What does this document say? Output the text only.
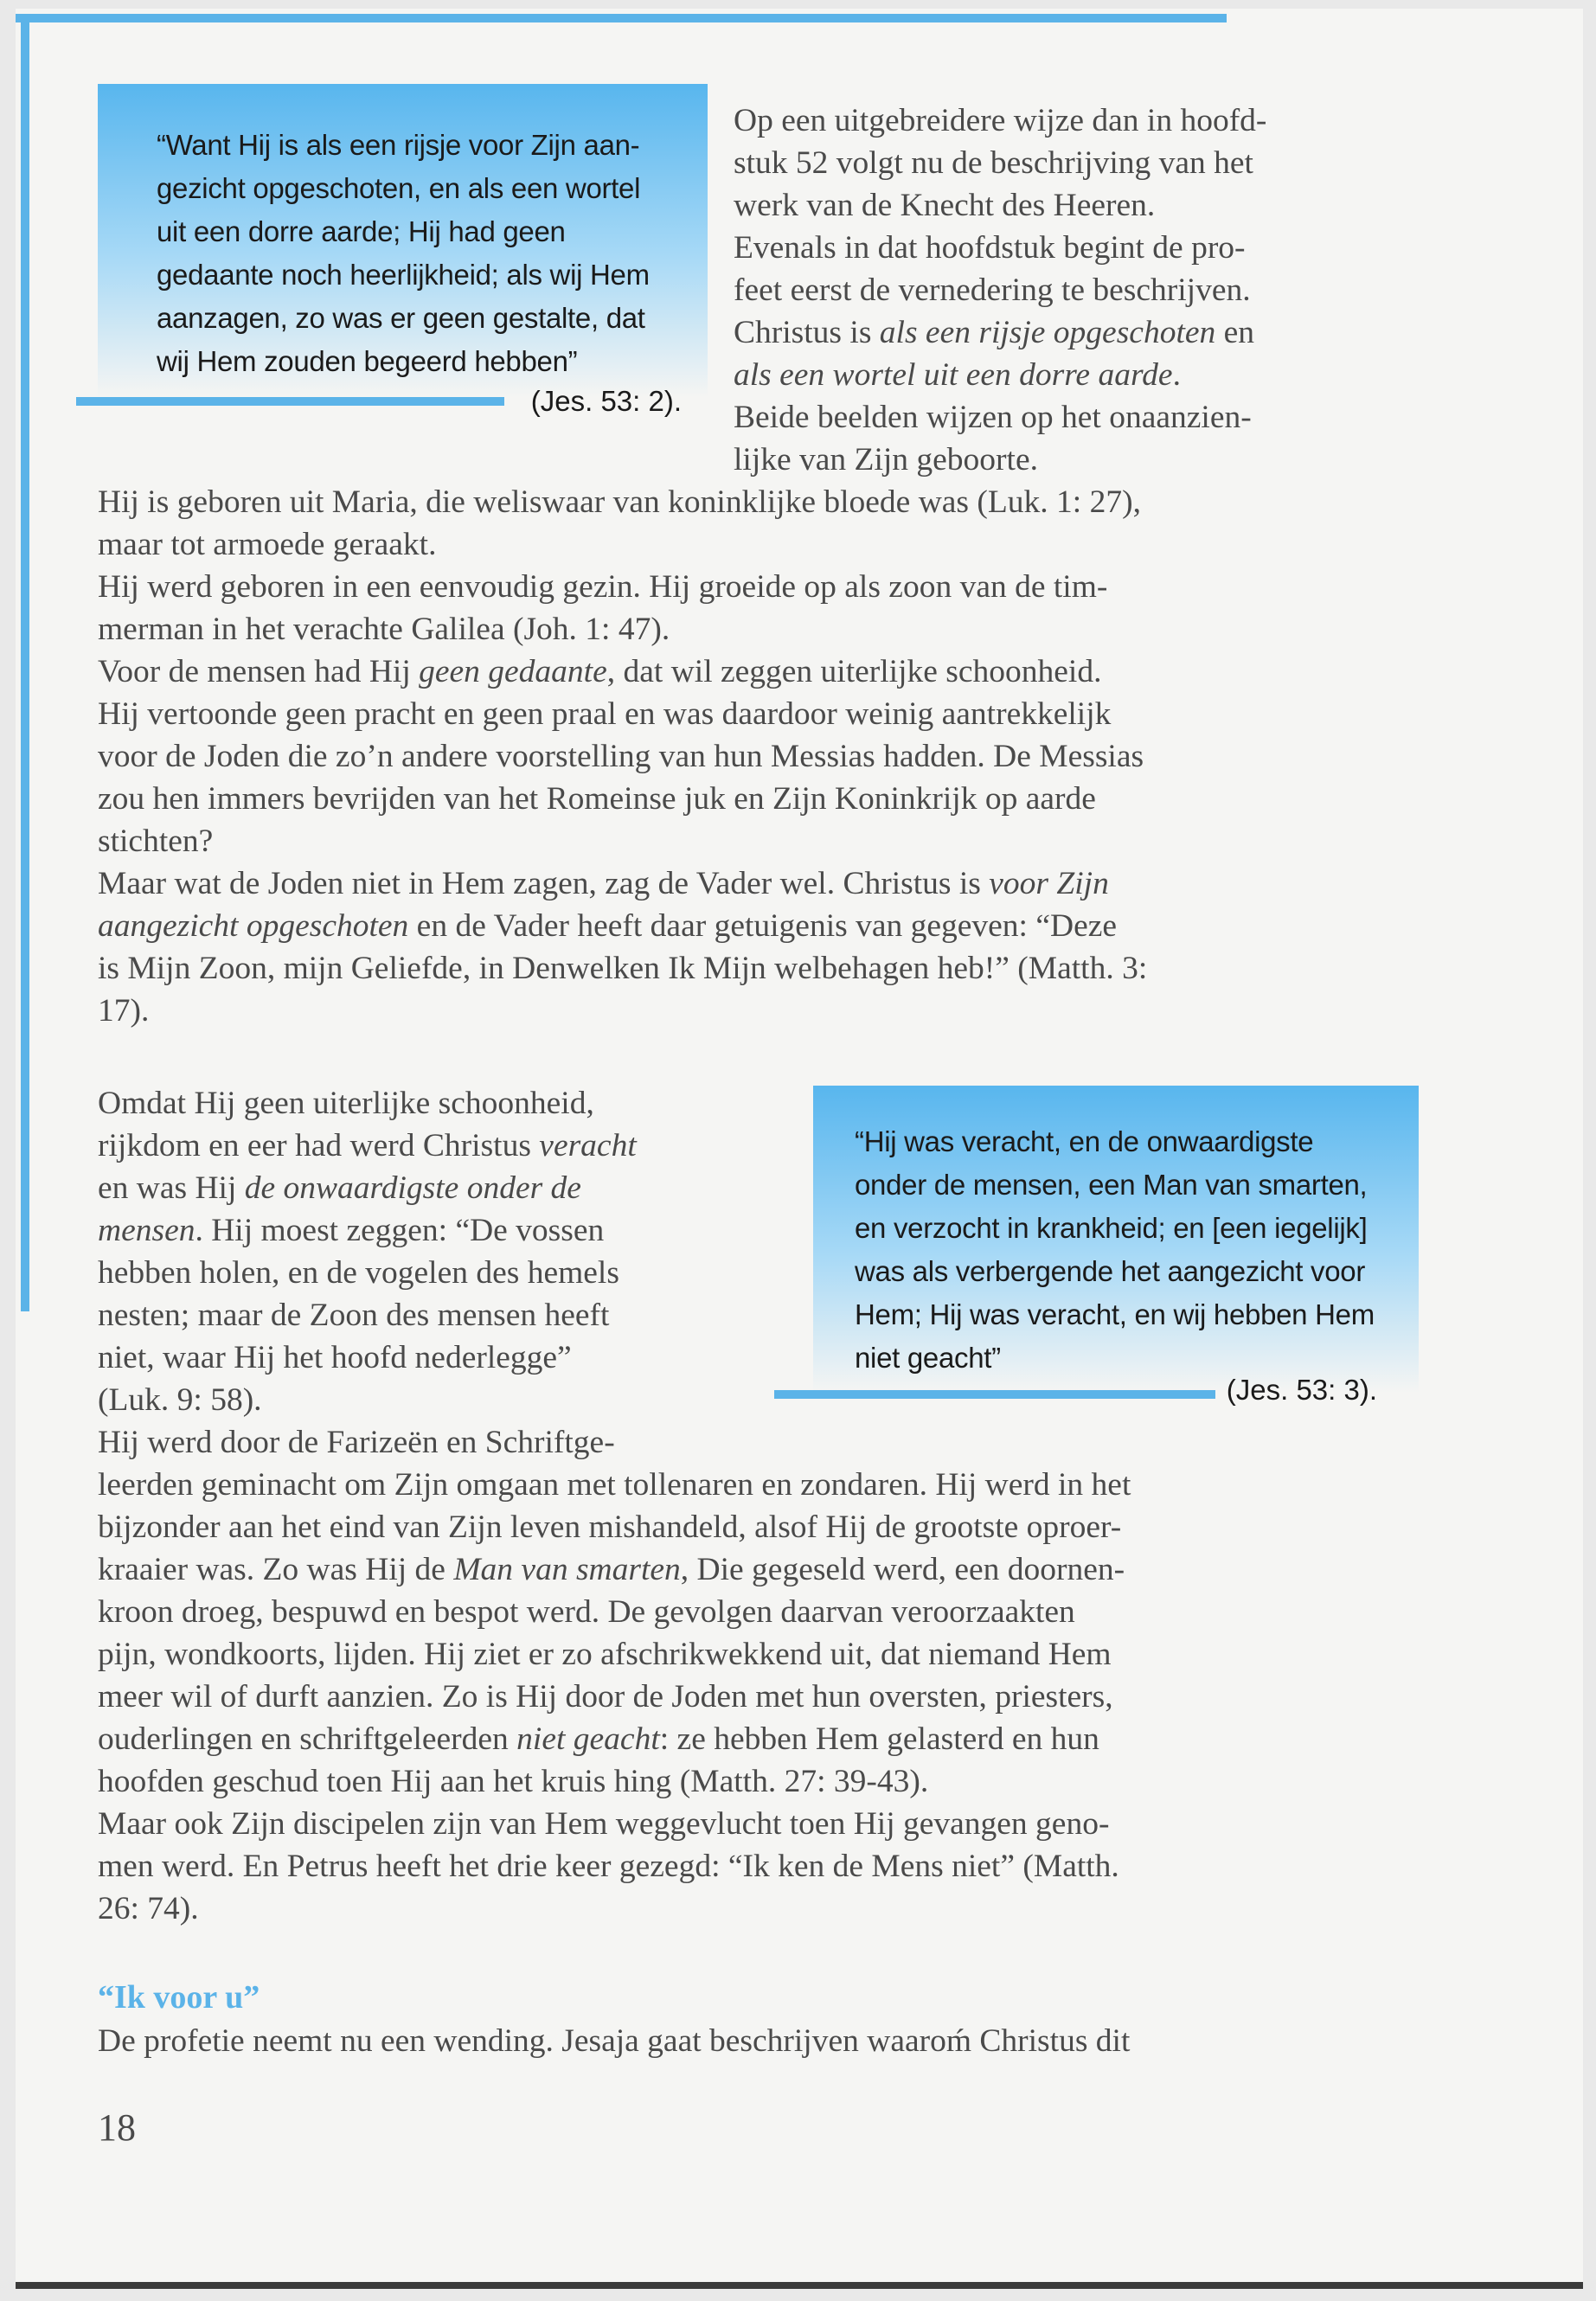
“Want Hij is als een rijsje voor Zijn aan-
gezicht opgeschoten, en als een wortel
uit een dorre aarde; Hij had geen
gedaante noch heerlijkheid; als wij Hem
aanzagen, zo was er geen gestalte, dat
wij Hem zouden begeerd hebben”
(Jes. 53: 2).

Op een uitgebreidere wijze dan in hoofd-

stuk 52 volgt nu de beschrijving van het

werk van de Knecht des Heeren.

Evenals in dat hoofdstuk begint de pro-

feet eerst de vernedering te beschrijven.

Christus is als een rijsje opgeschoten en

als een wortel uit een dorre aarde.

Beide beelden wijzen op het onaanzien-

lijke van Zijn geboorte.

Hij is geboren uit Maria, die weliswaar van koninklijke bloede was (Luk. 1: 27),

maar tot armoede geraakt.

Hij werd geboren in een eenvoudig gezin. Hij groeide op als zoon van de tim-

merman in het verachte Galilea (Joh. 1: 47).

Voor de mensen had Hij geen gedaante, dat wil zeggen uiterlijke schoonheid.

Hij vertoonde geen pracht en geen praal en was daardoor weinig aantrekkelijk

voor de Joden die zo’n andere voorstelling van hun Messias hadden. De Messias

zou hen immers bevrijden van het Romeinse juk en Zijn Koninkrijk op aarde

stichten?

Maar wat de Joden niet in Hem zagen, zag de Vader wel. Christus is voor Zijn

aangezicht opgeschoten en de Vader heeft daar getuigenis van gegeven: “Deze

is Mijn Zoon, mijn Geliefde, in Denwelken Ik Mijn welbehagen heb!” (Matth. 3:

17).

Omdat Hij geen uiterlijke schoonheid,

rijkdom en eer had werd Christus veracht

en was Hij de onwaardigste onder de

mensen. Hij moest zeggen: “De vossen

hebben holen, en de vogelen des hemels

nesten; maar de Zoon des mensen heeft

niet, waar Hij het hoofd nederlegge”

(Luk. 9: 58).

Hij werd door de Farizeën en Schriftge-

“Hij was veracht, en de onwaardigste
onder de mensen, een Man van smarten,
en verzocht in krankheid; en [een iegelijk]
was als verbergende het aangezicht voor
Hem; Hij was veracht, en wij hebben Hem
niet geacht”
(Jes. 53: 3).

leerden geminacht om Zijn omgaan met tollenaren en zondaren. Hij werd in het

bijzonder aan het eind van Zijn leven mishandeld, alsof Hij de grootste oproer-

kraaier was. Zo was Hij de Man van smarten, Die gegeseld werd, een doornen-

kroon droeg, bespuwd en bespot werd. De gevolgen daarvan veroorzaakten

pijn, wondkoorts, lijden. Hij ziet er zo afschrikwekkend uit, dat niemand Hem

meer wil of durft aanzien. Zo is Hij door de Joden met hun oversten, priesters,

ouderlingen en schriftgeleerden niet geacht: ze hebben Hem gelasterd en hun

hoofden geschud toen Hij aan het kruis hing (Matth. 27: 39-43).

Maar ook Zijn discipelen zijn van Hem weggevlucht toen Hij gevangen geno-

men werd. En Petrus heeft het drie keer gezegd: “Ik ken de Mens niet” (Matth.

26: 74).

“Ik voor u”

De profetie neemt nu een wending. Jesaja gaat beschrijven waaroḿ Christus dit

18
